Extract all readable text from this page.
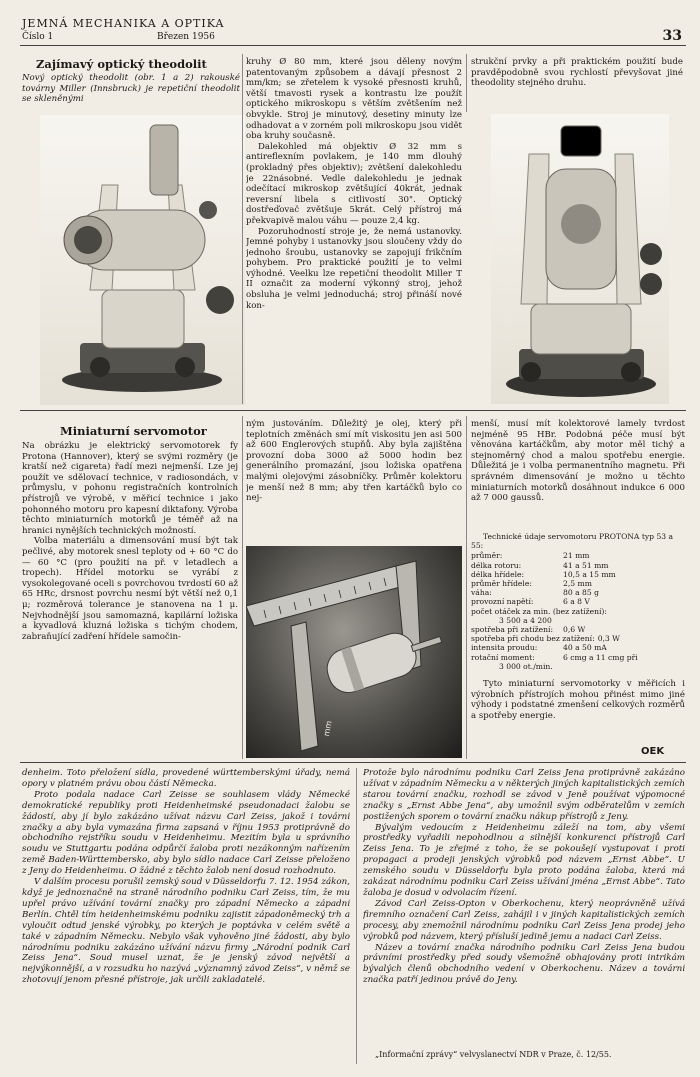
JEMNÁ MECHANIKA A OPTIKA
Číslo 1	Březen 1956	33
Zajímavý optický theodolit

Nový optický theodolit (obr. 1 a 2) rakouské továrny Miller (Innsbruck) je repetiční theodolit se skleněnými

kruhy Ø 80 mm, které jsou děleny novým patentovaným způsobem a dávají přesnost 2 mm/km; se zřetelem k vysoké přesnosti kruhů, větší tmavosti rysek a kontrastu lze použít optického mikroskopu s větším zvětšením než obvykle. Stroj je minutový, desetiny minuty lze odhadovat a v zorném poli mikroskopu jsou vidět oba kruhy současně.

Dalekohled má objektiv Ø 32 mm s antireflexním povlakem, je 140 mm dlouhý (prokladný přes objektiv); zvětšení dalekohledu je 22násobné. Vedle dalekohledu je jednak odečítací mikroskop zvětšující 40krát, jednak reversní libela s citlivostí 30". Optický dostřeďovač zvětšuje 5krát. Celý přístroj má překvapivě malou váhu — pouze 2,4 kg.

Pozoruhodností stroje je, že nemá ustanovky. Jemné pohyby i ustanovky jsou sloučeny vždy do jednoho šroubu, ustanovky se zapojují frikčním pohybem. Pro praktické použití je to velmi výhodné. Veelku lze repetiční theodolit Miller T II označit za moderní výkonný stroj, jehož obsluha je velmi jednoduchá; stroj přináší nové kon-

strukční prvky a při praktickém použití bude pravděpodobně svou rychlostí převyšovat jiné theodolity stejného druhu.

Miniaturní servomotor

Na obrázku je elektrický servomotorek fy Protona (Hannover), který se svými rozměry (je kratší než cigareta) řadí mezi nejmenší. Lze jej použít ve sdělovací technice, v radiosondách, v průmyslu, v pohonu registračních kontrolních přístrojů ve výrobě, v měřicí technice i jako pohonného motoru pro kapesní diktafony. Výroba těchto miniaturních motorků je téměř až na hranici nynějších technických možností.

Volba materiálu a dimensování musí být tak pečlivé, aby motorek snesl teploty od + 60 °C do — 60 °C (pro použití na př. v letadlech a tropech). Hřídel motorku se vyrábí z vysokolegované oceli s povrchovou tvrdostí 60 až 65 HRc, drsnost povrchu nesmí být větší než 0,1 μ; rozměrová tolerance je stanovena na 1 μ. Nejvhodnější jsou samomazná, kapilární ložiska a kyvadlová kluzná ložiska s tichým chodem, zabraňující zadření hřídele samočin-

ným justováním. Důležitý je olej, který při teplotních změnách smí mít viskositu jen asi 500 až 600 Englerových stupňů. Aby byla zajištěna provozní doba 3000 až 5000 hodin bez generálního promazání, jsou ložiska opatřena malými olejovými zásobníčky. Průměr kolektoru je menší než 8 mm; aby třen kartáčků bylo co nej-

mm

menší, musí mít kolektorové lamely tvrdost nejméně 95 HBr. Podobná péče musí být věnována kartáčkům, aby motor měl tichý a stejnoměrný chod a malou spotřebu energie. Důležitá je i volba permanentního magnetu. Při správném dimensování je možno u těchto miniaturních motorků dosáhnout indukce 6 000 až 7 000 gaussů.

Technické údaje servomotoru PROTONA typ 53 a 55:
průměr:	21 mm
délka rotoru:	41 a 51 mm
délka hřídele:	10,5 a 15 mm
průměr hřídele:	2,5 mm
váha:	80 a 85 g
provozní napětí:	6 a 8 V
počet otáček za min. (bez zatížení):
3 500 a 4 200
spotřeba při zatížení:	0,6 W
spotřeba při chodu bez zatížení: 0,3 W
intensita proudu:	40 a 50 mA
rotační moment:	6 cmg a 11 cmg při
3 000 ot./min.

Tyto miniaturní servomotorky v měřicích i výrobních přístrojích mohou přinést mimo jiné výhody i podstatné zmenšení celkových rozměrů a spotřeby energie.

OEK

denheim. Toto přeložení sídla, provedené württemberskými úřady, nemá opory v platném právu obou částí Německa.

Proto podala nadace Carl Zeisse se souhlasem vlády Německé demokratické republiky proti Heidenheimské pseudonadaci žalobu se žádostí, aby jí bylo zakázáno užívat názvu Carl Zeiss, jakož i tovární značky a aby byla vymazána firma zapsaná v říjnu 1953 protiprávně do obchodního rejstříku soudu v Heidenheimu. Mezitím byla u správního soudu ve Stuttgartu podána odpůrčí žaloba proti nezákonným nařízením země Baden-Württembersko, aby bylo sídlo nadace Carl Zeisse přeloženo z Jeny do Heidenheimu. O žádné z těchto žalob není dosud rozhodnuto.

V dalším procesu porušil zemský soud v Düsseldorfu 7. 12. 1954 zákon, když je jednoznačně na straně národního podniku Carl Zeiss, tím, že mu upřel právo užívání tovární značky pro západní Německo a západní Berlín. Chtěl tím heidenheimskému podniku zajistit západoněmecký trh a vyloučit odtud jenské výrobky, po kterých je poptávka v celém světě a také v západním Německu. Nebylo však vyhověno jiné žádosti, aby bylo národnímu podniku zakázáno užívání názvu firmy „Národní podnik Carl Zeiss Jena“. Soud musel uznat, že je jenský závod největší a nejvýkonnější, a v rozsudku ho nazývá „významný závod Zeiss“, v němž se zhotovují jenom přesné přístroje, jak určili zakladatelé.

Protože bylo národnímu podniku Carl Zeiss Jena protiprávně zakázáno užívat v západním Německu a v některých jiných kapitalistických zemích starou tovární značku, rozhodl se závod v Jeně používat výpomocné značky s „Ernst Abbe Jena“, aby umožnil svým odběratelům v zemích postižených sporem o tovární značku nákup přístrojů z Jeny.

Bývalým vedoucím z Heidenheimu záleží na tom, aby všemi prostředky vyřadili nepohodlnou a silnější konkurenci přístrojů Carl Zeiss Jena. To je zřejmé z toho, že se pokoušejí vystupovat i proti propagaci a prodeji jenských výrobků pod názvem „Ernst Abbe“. U zemského soudu v Düsseldorfu byla proto podána žaloba, která má zakázat národnímu podniku Carl Zeiss užívání jména „Ernst Abbe“. Tato žaloba je dosud v odvolacím řízení.

Závod Carl Zeiss-Opton v Oberkochenu, který neoprávněně užívá firemního označení Carl Zeiss, zahájil i v jiných kapitalistických zemích procesy, aby znemožnil národnímu podniku Carl Zeiss Jena prodej jeho výrobků pod názvem, který přísluší jedině jemu a nadaci Carl Zeiss.

Název a tovární značka národního podniku Carl Zeiss Jena budou právními prostředky před soudy všemožně obhajovány proti intrikám bývalých členů obchodního vedení v Oberkochenu. Název a tovární značka patří jedinou právě do Jeny.

„Informační zprávy“ velvyslanectví NDR v Praze, č. 12/55.
